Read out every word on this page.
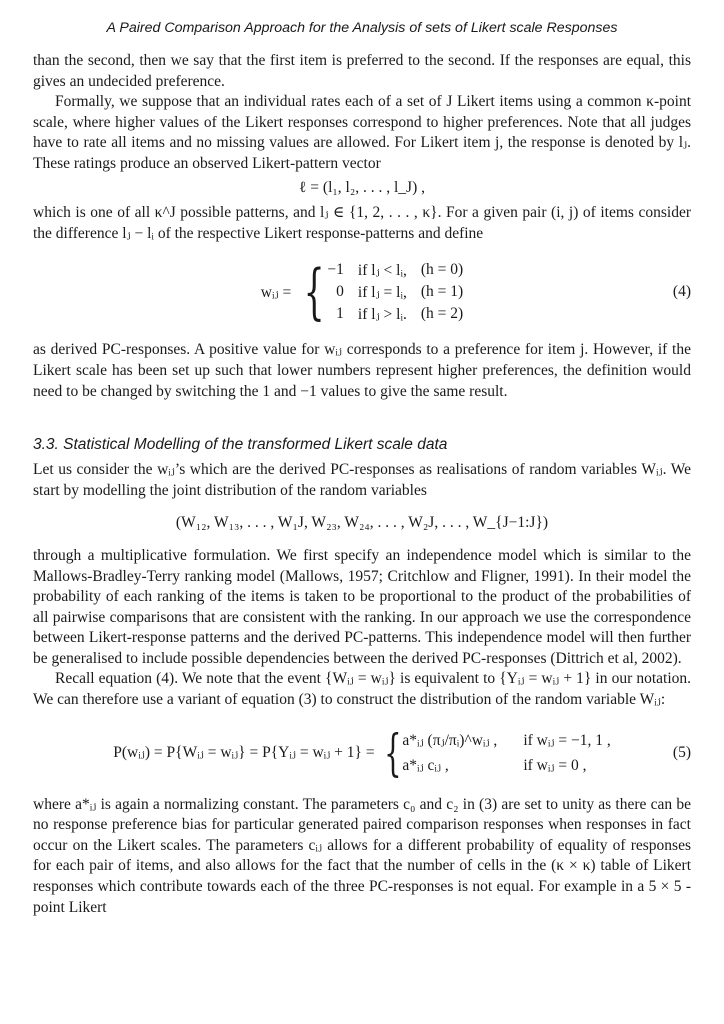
A Paired Comparison Approach for the Analysis of sets of Likert scale Responses

than the second, then we say that the first item is preferred to the second. If the responses are equal, this gives an undecided preference.

Formally, we suppose that an individual rates each of a set of J Likert items using a common κ-point scale, where higher values of the Likert responses correspond to higher preferences. Note that all judges have to rate all items and no missing values are allowed. For Likert item j, the response is denoted by lⱼ. These ratings produce an observed Likert-pattern vector

ℓ = (l₁, l₂, . . . , l_J) ,

which is one of all κ^J possible patterns, and lⱼ ∈ {1, 2, . . . , κ}. For a given pair (i, j) of items consider the difference lⱼ − lᵢ of the respective Likert response-patterns and define

wᵢⱼ = { −1 if lⱼ < lᵢ, (h = 0)
0 if lⱼ = lᵢ, (h = 1)
1 if lⱼ > lᵢ. (h = 2)
(4)

as derived PC-responses. A positive value for wᵢⱼ corresponds to a preference for item j. However, if the Likert scale has been set up such that lower numbers represent higher preferences, the definition would need to be changed by switching the 1 and −1 values to give the same result.

3.3. Statistical Modelling of the transformed Likert scale data

Let us consider the wᵢⱼ’s which are the derived PC-responses as realisations of random variables Wᵢⱼ. We start by modelling the joint distribution of the random variables

(W₁₂, W₁₃, . . . , W₁J, W₂₃, W₂₄, . . . , W₂J, . . . , W_{J−1:J})

through a multiplicative formulation. We first specify an independence model which is similar to the Mallows-Bradley-Terry ranking model (Mallows, 1957; Critchlow and Fligner, 1991). In their model the probability of each ranking of the items is taken to be proportional to the product of the probabilities of all pairwise comparisons that are consistent with the ranking. In our approach we use the correspondence between Likert-response patterns and the derived PC-patterns. This independence model will then further be generalised to include possible dependencies between the derived PC-responses (Dittrich et al, 2002).

Recall equation (4). We note that the event {Wᵢⱼ = wᵢⱼ} is equivalent to {Yᵢⱼ = wᵢⱼ + 1} in our notation. We can therefore use a variant of equation (3) to construct the distribution of the random variable Wᵢⱼ:

P(wᵢⱼ) = P{Wᵢⱼ = wᵢⱼ} = P{Yᵢⱼ = wᵢⱼ + 1} = { a*ᵢⱼ (πⱼ/πᵢ)^wᵢⱼ , if wᵢⱼ = −1, 1 ,
a*ᵢⱼ cᵢⱼ ,	if wᵢⱼ = 0 ,
(5)

where a*ᵢⱼ is again a normalizing constant. The parameters c₀ and c₂ in (3) are set to unity as there can be no response preference bias for particular generated paired comparison responses when responses in fact occur on the Likert scales. The parameters cᵢⱼ allows for a different probability of equality of responses for each pair of items, and also allows for the fact that the number of cells in the (κ × κ) table of Likert responses which contribute towards each of the three PC-responses is not equal. For example in a 5 × 5 -point Likert
